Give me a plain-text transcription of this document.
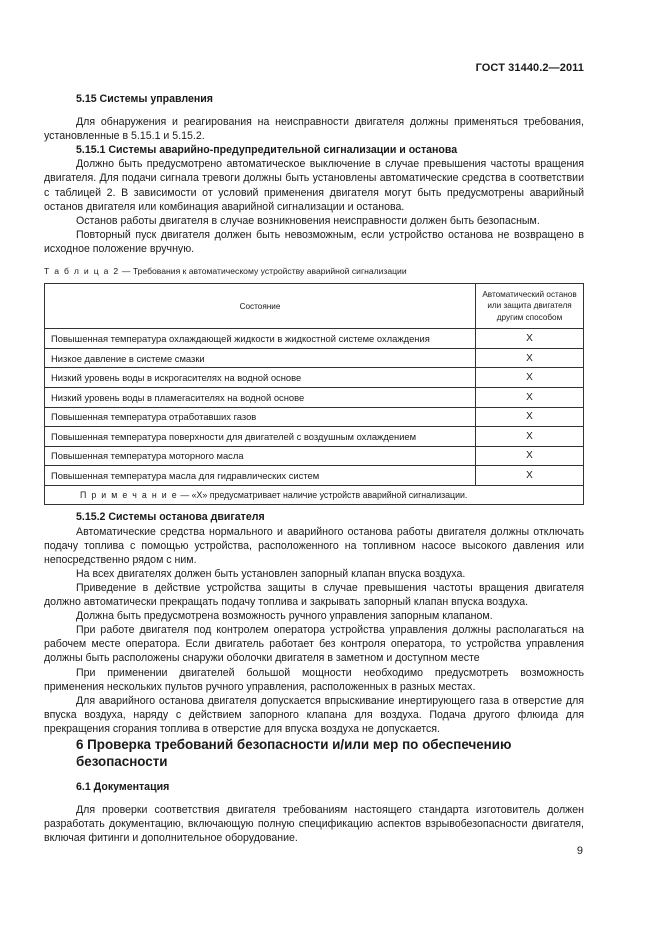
ГОСТ 31440.2—2011

5.15 Системы управления

Для обнаружения и реагирования на неисправности двигателя должны применяться требования, установленные в 5.15.1 и 5.15.2.

5.15.1 Системы аварийно-предупредительной сигнализации и останова

Должно быть предусмотрено автоматическое выключение в случае превышения частоты вращения двигателя. Для подачи сигнала тревоги должны быть установлены автоматические средства в соответствии с таблицей 2. В зависимости от условий применения двигателя могут быть предусмотрены аварийный останов двигателя или комбинация аварийной сигнализации и останова.

Останов работы двигателя в случае возникновения неисправности должен быть безопасным.

Повторный пуск двигателя должен быть невозможным, если устройство останова не возвращено в исходное положение вручную.

Т а б л и ц а 2 — Требования к автоматическому устройству аварийной сигнализации
Состояние	Автоматический останов или защита двигателя другим способом
Повышенная температура охлаждающей жидкости в жидкостной системе охлаждения	X
Низкое давление в системе смазки	X
Низкий уровень воды в искрогасителях на водной основе	X
Низкий уровень воды в пламегасителях на водной основе	X
Повышенная температура отработавших газов	X
Повышенная температура поверхности для двигателей с воздушным охлаждением	X
Повышенная температура моторного масла	X
Повышенная температура масла для гидравлических систем	X
П р и м е ч а н и е — «X» предусматривает наличие устройств аварийной сигнализации.	

5.15.2 Системы останова двигателя

Автоматические средства нормального и аварийного останова работы двигателя должны отключать подачу топлива с помощью устройства, расположенного на топливном насосе высокого давления или непосредственно рядом с ним.

На всех двигателях должен быть установлен запорный клапан впуска воздуха.

Приведение в действие устройства защиты в случае превышения частоты вращения двигателя должно автоматически прекращать подачу топлива и закрывать запорный клапан впуска воздуха.

Должна быть предусмотрена возможность ручного управления запорным клапаном.

При работе двигателя под контролем оператора устройства управления должны располагаться на рабочем месте оператора. Если двигатель работает без контроля оператора, то устройства управления должны быть расположены снаружи оболочки двигателя в заметном и доступном месте

При применении двигателей большой мощности необходимо предусмотреть возможность применения нескольких пультов ручного управления, расположенных в разных местах.

Для аварийного останова двигателя допускается впрыскивание инертирующего газа в отверстие для впуска воздуха, наряду с действием запорного клапана для воздуха. Подача другого флюида для прекращения сгорания топлива в отверстие для впуска воздуха не допускается.

6 Проверка требований безопасности и/или мер по обеспечению безопасности

6.1 Документация

Для проверки соответствия двигателя требованиям настоящего стандарта изготовитель должен разработать документацию, включающую полную спецификацию аспектов взрывобезопасности двигателя, включая фитинги и дополнительное оборудование.

9
